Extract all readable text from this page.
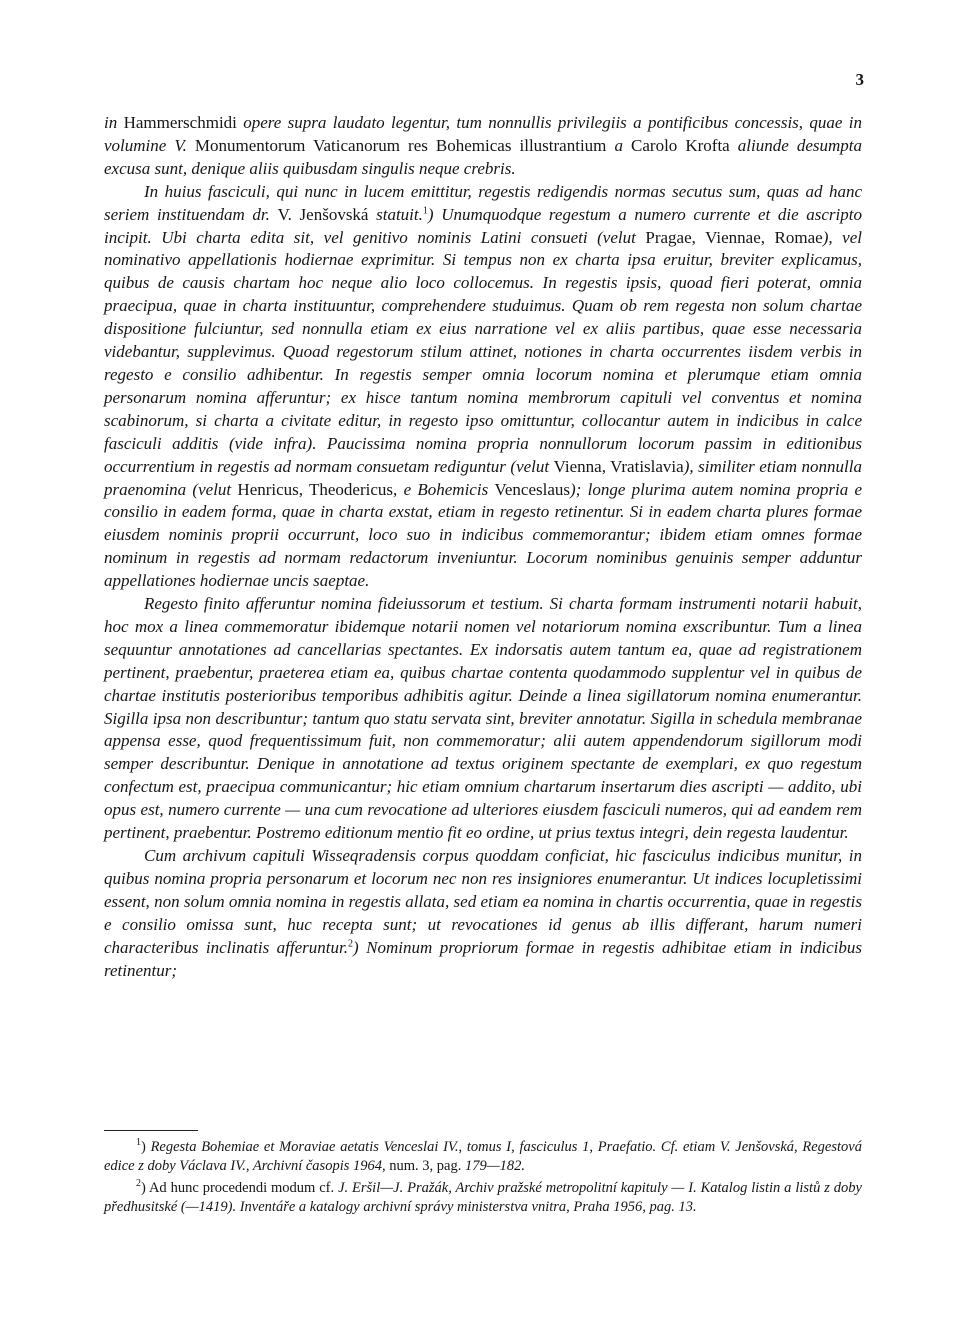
3

in Hammerschmidi opere supra laudato legentur, tum nonnullis privilegiis a pontificibus concessis, quae in volumine V. Monumentorum Vaticanorum res Bohemicas illustrantium a Carolo Krofta aliunde desumpta excusa sunt, denique aliis quibusdam singulis neque crebris.

In huius fasciculi, qui nunc in lucem emittitur, regestis redigendis normas secutus sum, quas ad hanc seriem instituendam dr. V. Jenšovská statuit.$^1$) Unumquodque regestum a numero currente et die ascripto incipit. Ubi charta edita sit, vel genitivo nominis Latini consueti (velut Pragae, Viennae, Romae), vel nominativo appellationis hodiernae exprimitur. Si tempus non ex charta ipsa eruitur, breviter explicamus, quibus de causis chartam hoc neque alio loco collocemus. In regestis ipsis, quoad fieri poterat, omnia praecipua, quae in charta instituuntur, comprehendere studuimus. Quam ob rem regesta non solum chartae dispositione fulciuntur, sed nonnulla etiam ex eius narratione vel ex aliis partibus, quae esse necessaria videbantur, supplevimus. Quoad regestorum stilum attinet, notiones in charta occurrentes iisdem verbis in regesto e consilio adhibentur. In regestis semper omnia locorum nomina et plerumque etiam omnia personarum nomina afferuntur; ex hisce tantum nomina membrorum capituli vel conventus et nomina scabinorum, si charta a civitate editur, in regesto ipso omittuntur, collocantur autem in indicibus in calce fasciculi additis (vide infra). Paucissima nomina propria nonnullorum locorum passim in editionibus occurrentium in regestis ad normam consuetam rediguntur (velut Vienna, Vratislavia), similiter etiam nonnulla praenomina (velut Henricus, Theodericus, e Bohemicis Venceslaus); longe plurima autem nomina propria e consilio in eadem forma, quae in charta exstat, etiam in regesto retinentur. Si in eadem charta plures formae eiusdem nominis proprii occurrunt, loco suo in indicibus commemorantur; ibidem etiam omnes formae nominum in regestis ad normam redactorum inveniuntur. Locorum nominibus genuinis semper adduntur appellationes hodiernae uncis saeptae.

Regesto finito afferuntur nomina fideiussorum et testium. Si charta formam instrumenti notarii habuit, hoc mox a linea commemoratur ibidemque notarii nomen vel notariorum nomina exscribuntur. Tum a linea sequuntur annotationes ad cancellarias spectantes. Ex indorsatis autem tantum ea, quae ad registrationem pertinent, praebentur, praeterea etiam ea, quibus chartae contenta quodammodo supplentur vel in quibus de chartae institutis posterioribus temporibus adhibitis agitur. Deinde a linea sigillatorum nomina enumerantur. Sigilla ipsa non describuntur; tantum quo statu servata sint, breviter annotatur. Sigilla in schedula membranae appensa esse, quod frequentissimum fuit, non commemoratur; alii autem appendendorum sigillorum modi semper describuntur. Denique in annotatione ad textus originem spectante de exemplari, ex quo regestum confectum est, praecipua communicantur; hic etiam omnium chartarum insertarum dies ascripti — addito, ubi opus est, numero currente — una cum revocatione ad ulteriores eiusdem fasciculi numeros, qui ad eandem rem pertinent, praebentur. Postremo editionum mentio fit eo ordine, ut prius textus integri, dein regesta laudentur.

Cum archivum capituli Wisseqradensis corpus quoddam conficiat, hic fasciculus indicibus munitur, in quibus nomina propria personarum et locorum nec non res insigniores enumerantur. Ut indices locupletissimi essent, non solum omnia nomina in regestis allata, sed etiam ea nomina in chartis occurrentia, quae in regestis e consilio omissa sunt, huc recepta sunt; ut revocationes id genus ab illis differant, harum numeri characteribus inclinatis afferuntur.$^2$) Nominum propriorum formae in regestis adhibitae etiam in indicibus retinentur;

$^1$) Regesta Bohemiae et Moraviae aetatis Venceslai IV., tomus I, fasciculus 1, Praefatio. Cf. etiam V. Jenšovská, Regestová edice z doby Václava IV., Archivní časopis 1964, num. 3, pag. 179—182.

$^2$) Ad hunc procedendi modum cf. J. Eršil—J. Pražák, Archiv pražské metropolitní kapituly — I. Katalog listin a listů z doby předhusitské (—1419). Inventáře a katalogy archivní správy ministerstva vnitra, Praha 1956, pag. 13.
